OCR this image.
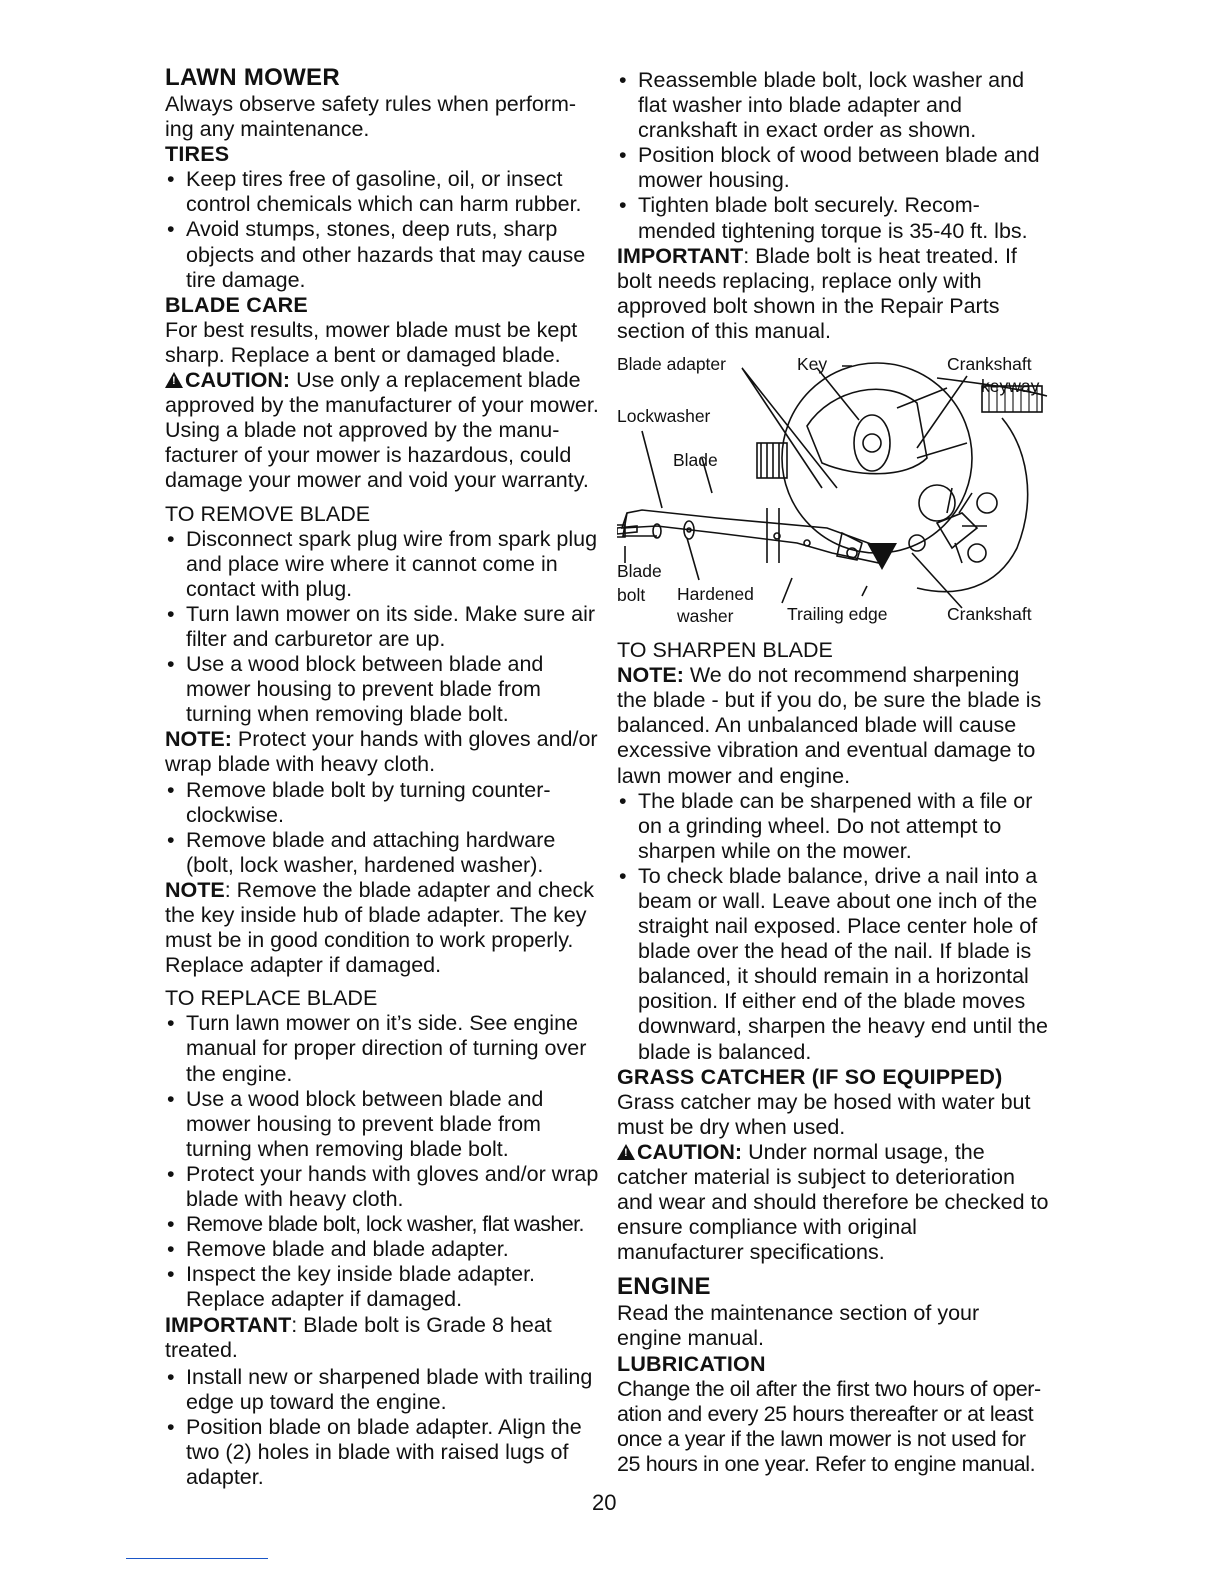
LAWN MOWER

Always observe safety rules when perform-ing any maintenance.

TIRES

• Keep tires free of gasoline, oil, or insect control chemicals which can harm rubber.
• Avoid stumps, stones, deep ruts, sharp objects and other hazards that may cause tire damage.

BLADE CARE

For best results, mower blade must be kept sharp. Replace a bent or damaged blade.

!CAUTION: Use only a replacement blade approved by the manufacturer of your mower. Using a blade not approved by the manu-facturer of your mower is hazardous, could damage your mower and void your warranty.

TO REMOVE BLADE

• Disconnect spark plug wire from spark plug and place wire where it cannot come in contact with plug.
• Turn lawn mower on its side. Make sure air filter and carburetor are up.
• Use a wood block between blade and mower housing to prevent blade from turning when removing blade bolt.

NOTE: Protect your hands with gloves and/or wrap blade with heavy cloth.

• Remove blade bolt by turning counter-clockwise.
• Remove blade and attaching hardware (bolt, lock washer, hardened washer).

NOTE: Remove the blade adapter and check the key inside hub of blade adapter. The key must be in good condition to work properly. Replace adapter if damaged.

TO REPLACE BLADE

• Turn lawn mower on it’s side. See engine manual for proper direction of turning over the engine.
• Use a wood block between blade and mower housing to prevent blade from turning when removing blade bolt.
• Protect your hands with gloves and/or wrap blade with heavy cloth.
• Remove blade bolt, lock washer, flat washer.
• Remove blade and blade adapter.
• Inspect the key inside blade adapter. Replace adapter if damaged.

IMPORTANT: Blade bolt is Grade 8 heat treated.

• Install new or sharpened blade with trailing edge up toward the engine.
• Position blade on blade adapter. Align the two (2) holes in blade with raised lugs of adapter.
• Reassemble blade bolt, lock washer and flat washer into blade adapter and crankshaft in exact order as shown.
• Position block of wood between blade and mower housing.
• Tighten blade bolt securely. Recom-mended tightening torque is 35-40 ft. lbs.

IMPORTANT: Blade bolt is heat treated. If bolt needs replacing, replace only with approved bolt shown in the Repair Parts section of this manual.

Blade adapter	Key	Crankshaft
keyway
Lockwasher
Blade
Blade
bolt Hardened
washer	Trailing edge	Crankshaft

TO SHARPEN BLADE

NOTE: We do not recommend sharpening the blade - but if you do, be sure the blade is balanced. An unbalanced blade will cause excessive vibration and eventual damage to lawn mower and engine.

• The blade can be sharpened with a file or on a grinding wheel. Do not attempt to sharpen while on the mower.
• To check blade balance, drive a nail into a beam or wall. Leave about one inch of the straight nail exposed. Place center hole of blade over the head of the nail. If blade is balanced, it should remain in a horizontal position. If either end of the blade moves downward, sharpen the heavy end until the blade is balanced.

GRASS CATCHER (IF SO EQUIPPED)

Grass catcher may be hosed with water but must be dry when used.

!CAUTION: Under normal usage, the catcher material is subject to deterioration and wear and should therefore be checked to ensure compliance with original manufacturer specifications.

ENGINE

Read the maintenance section of your engine manual.

LUBRICATION

Change the oil after the first two hours of oper-ation and every 25 hours thereafter or at least once a year if the lawn mower is not used for 25 hours in one year. Refer to engine manual.

20
